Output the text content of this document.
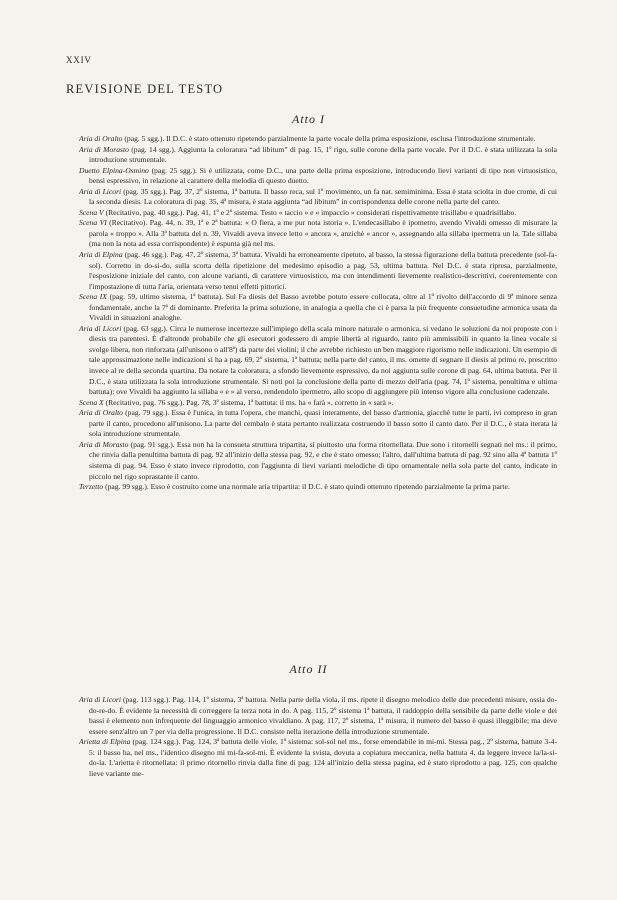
XXIV
REVISIONE DEL TESTO
Atto I

Aria di Oralto (pag. 5 sgg.). Il D.C. è stato ottenuto ripetendo parzialmente la parte vocale della prima esposizione, esclusa l'introduzione strumentale.

Aria di Morasto (pag. 14 sgg.). Aggiunta la coloratura “ad libitum” di pag. 15, 1º rigo, sulle corone della parte vocale. Per il D.C. è stata utilizzata la sola introduzione strumentale.

Duetto Elpina-Osmino (pag. 25 sgg.). Si è utilizzata, come D.C., una parte della prima esposizione, introducendo lievi varianti di tipo non virtuosistico, bensì espressivo, in relazione al carattere della melodia di questo duetto.

Aria di Licori (pag. 35 sgg.). Pag. 37, 2º sistema, 1ª battuta. Il basso reca, sul 1º movimento, un fa nat. semiminima. Essa è stata sciolta in due crome, di cui la seconda diesis. La coloratura di pag. 35, 4ª misura, è stata aggiunta “ad libitum” in corrispondenza delle corone nella parte del canto.

Scena V (Recitativo, pag. 40 sgg.). Pag. 41, 1º e 2º sistema. Testo « taccio » e « impaccio » considerati rispettivamente trisillabo e quadrisillabo.

Scena VI (Recitativo). Pag. 44, n. 39, 1ª e 2ª battuta: « O fiera, a me pur nota istoria ». L'endecasillabo è ipometro, avendo Vivaldi omesso di misurare la parola « troppo ». Alla 3ª battuta del n. 39, Vivaldi aveva invece letto « ancora », anzichè « ancor », assegnando alla sillaba ipermetra un la. Tale sillaba (ma non la nota ad essa corrispondente) è espunta già nel ms.

Aria di Elpina (pag. 46 sgg.). Pag. 47, 2º sistema, 3ª battuta. Vivaldi ha erroneamente ripetuto, al basso, la stessa figurazione della battuta precedente (sol-fa-sol). Corretto in do-si-do, sulla scorta della ripetizione del medesimo episodio a pag. 53, ultima battuta. Nel D.C. è stata ripresa, parzialmente, l'esposizione iniziale del canto, con alcune varianti, di carattere virtuosistico, ma con intendimenti lievemente realistico-descrittivi, coerentemente con l'impostazione di tutta l'aria, orientata verso tenui effetti pittorici.

Scena IX (pag. 59, ultimo sistema, 1ª battuta). Sul Fa diesis del Basso avrebbe potuto essere collocata, oltre al 1º rivolto dell'accordo di 9ª minore senza fondamentale, anche la 7ª di dominante. Preferita la prima soluzione, in analogia a quella che ci è parsa la più frequente consuetudine armonica usata da Vivaldi in situazioni analoghe.

Aria di Licori (pag. 63 sgg.). Circa le numerose incertezze sull'impiego della scala minore naturale o armonica, si vedano le soluzioni da noi proposte con i diesis tra parentesi. È d'altronde probabile che gli esecutori godessero di ampie libertà al riguardo, tanto più ammissibili in quanto la linea vocale si svolge libera, non rinforzata (all'unisono o all'8ª) da parte dei violini; il che avrebbe richiesto un ben maggiore rigorismo nelle indicazioni. Un esempio di tale approssimazione nelle indicazioni si ha a pag. 69, 2º sistema, 1ª battuta; nella parte del canto, il ms. omette di segnare il diesis al primo re, prescritto invece al re della seconda quartina. Da notare la coloratura, a sfondo lievemente espressivo, da noi aggiunta sulle corone di pag. 64, ultima battuta. Per il D.C., è stata utilizzata la sola introduzione strumentale. Si noti poi la conclusione della parte di mezzo dell'aria (pag. 74, 1º sistema, penultima e ultima battuta): ove Vivaldi ha aggiunto la sillaba « e » al verso, rendendolo ipermetro, allo scopo di aggiungere più intenso vigore alla conclusione cadenzale.

Scena X (Recitativo, pag. 76 sgg.). Pag. 78, 3º sistema, 1ª battuta: il ms. ha « farà », corretto in « sarà ».

Aria di Oralto (pag. 79 sgg.). Essa è l'unica, in tutta l'opera, che manchi, quasi interamente, del basso d'armonia, giacchè tutte le parti, ivi compreso in gran parte il canto, procedono all'unisono. La parte del cembalo è stata pertanto realizzata costruendo il basso sotto il canto dato. Per il D.C., è stata iterata la sola introduzione strumentale.

Aria di Morasto (pag. 91 sgg.). Essa non ha la consueta struttura tripartita, sì piuttosto una forma ritornellata. Due sono i ritornelli segnati nel ms.: il primo, che rinvia dalla penultima battuta di pag. 92 all'inizio della stessa pag. 92, e che è stato omesso; l'altro, dall'ultima battuta di pag. 92 sino alla 4ª battuta 1º sistema di pag. 94. Esso è stato invece riprodotto, con l'aggiunta di lievi varianti melodiche di tipo ornamentale nella sola parte del canto, indicate in piccolo nel rigo soprastante il canto.

Terzetto (pag. 99 sgg.). Esso è costruito come una normale aria tripartita: il D.C. è stato quindi ottenuto ripetendo parzialmente la prima parte.

Atto II

Aria di Licori (pag. 113 sgg.). Pag. 114, 1º sistema, 3ª battuta. Nella parte della viola, il ms. ripete il disegno melodico delle due precedenti misure, ossia do-do-re-do. È evidente la necessità di correggere la terza nota in do. A pag. 115, 2º sistema 1ª battuta, il raddoppio della sensibile da parte delle viole e dei bassi è elemento non infrequente del linguaggio armonico vivaldiano. A pag. 117, 2º sistema, 1ª misura, il numero del basso è quasi illeggibile; ma deve essere senz'altro un 7 per via della progressione. Il D.C. consiste nella iterazione della introduzione strumentale.

Arietta di Elpina (pag. 124 sgg.). Pag. 124, 3ª battuta delle viole, 1º sistema: sol-sol nel ms., forse emendabile in mi-mi. Stessa pag., 2º sistema, battute 3-4-5: il basso ha, nel ms., l'identico disegno mi mi-fa-sol-mi. È evidente la svista, dovuta a copiatura meccanica, nella battuta 4, da leggere invece la/la-si-do-la. L'arietta è ritornellata: il primo ritornello rinvia dalla fine di pag. 124 all'inizio della stessa pagina, ed è stato riprodotto a pag. 125, con qualche lieve variante me-
